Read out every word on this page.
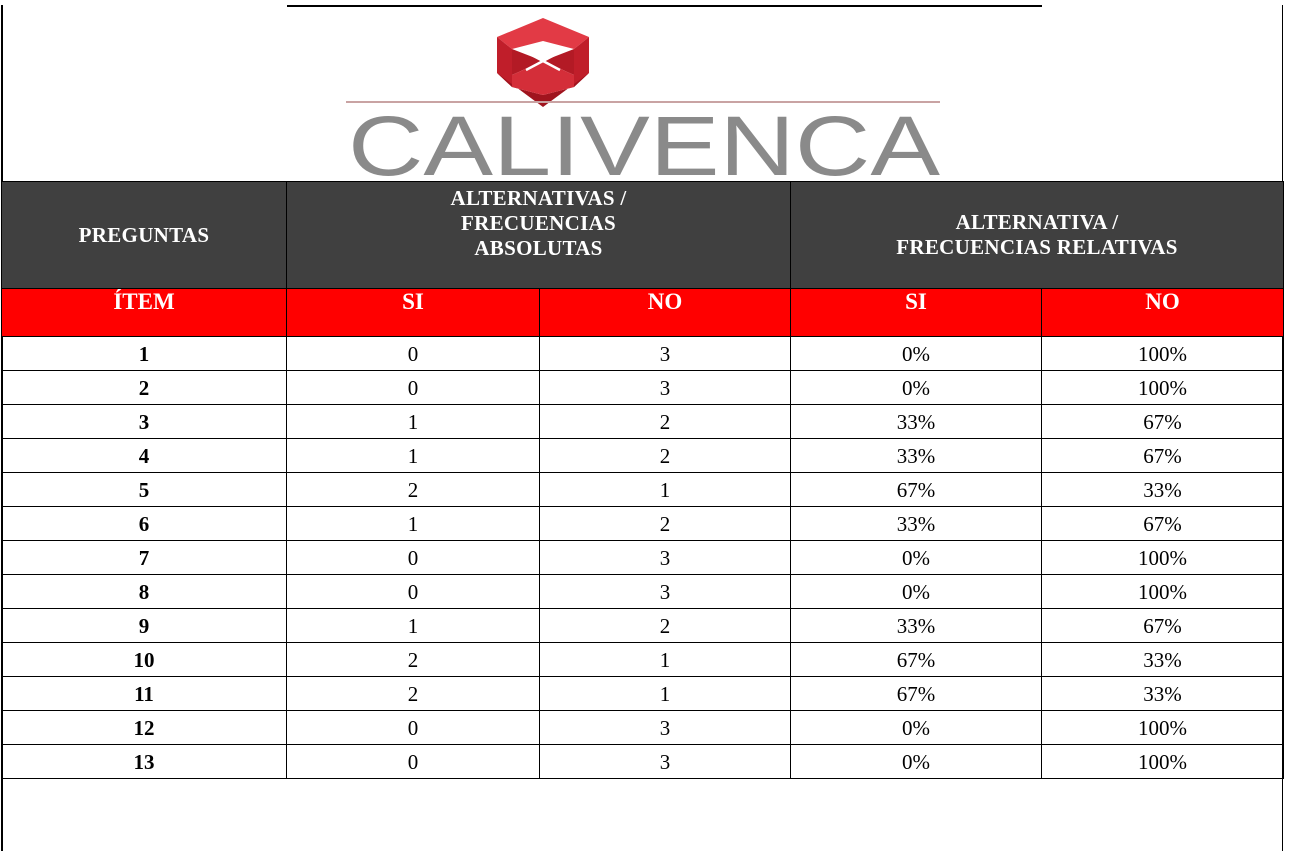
CALIVENCA
PREGUNTAS	ALTERNATIVAS /
FRECUENCIAS
ABSOLUTAS		ALTERNATIVA /
FRECUENCIAS RELATIVAS	

ÍTEM	SI	NO	SI	NO
1	0	3	0%	100%
2	0	3	0%	100%
3	1	2	33%	67%
4	1	2	33%	67%
5	2	1	67%	33%
6	1	2	33%	67%
7	0	3	0%	100%
8	0	3	0%	100%
9	1	2	33%	67%
10	2	1	67%	33%
11	2	1	67%	33%
12	0	3	0%	100%
13	0	3	0%	100%
